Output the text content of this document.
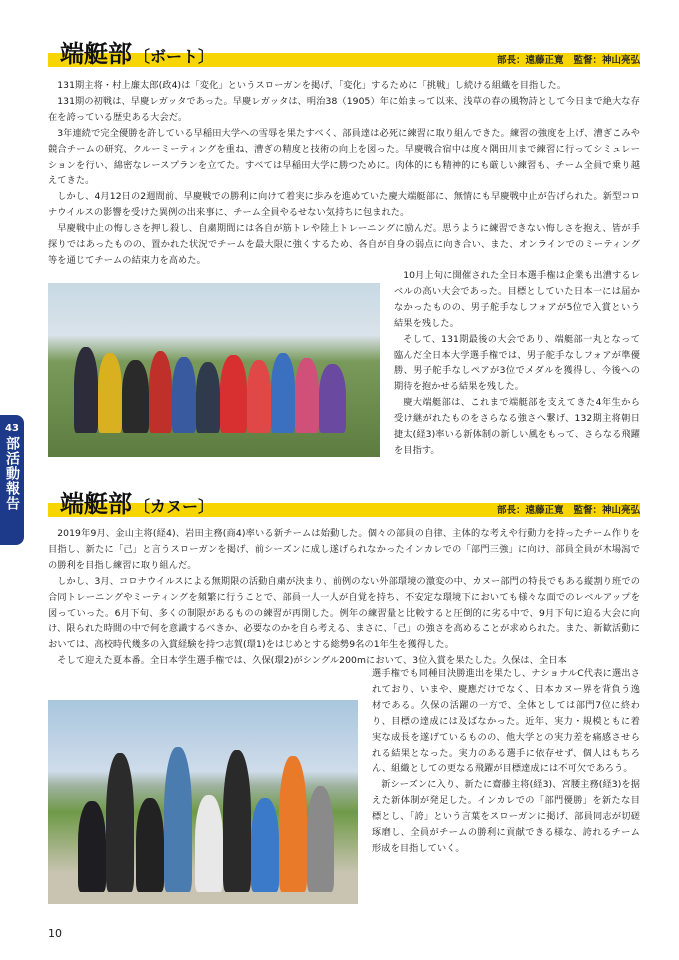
43
部活動報告
端艇部 〔ボート〕	部長：遠藤正寛 監督：神山亮弘

131期主将・村上廉太郎(政4)は「変化」というスローガンを掲げ、「変化」するために「挑戦」し続ける組織を目指した。

131期の初戦は、早慶レガッタであった。早慶レガッタは、明治38（1905）年に始まって以来、浅草の春の風物詩として今日まで絶大な存在を誇っている歴史ある大会だ。

3年連続で完全優勝を許している早稲田大学への雪辱を果たすべく、部員達は必死に練習に取り組んできた。練習の強度を上げ、漕ぎこみや競合チームの研究、クルーミーティングを重ね、漕ぎの精度と技術の向上を図った。早慶戦合宿中は度々隅田川まで練習に行ってシミュレーションを行い、綿密なレースプランを立てた。すべては早稲田大学に勝つために。肉体的にも精神的にも厳しい練習も、チーム全員で乗り越えてきた。

しかし、4月12日の2週間前、早慶戦での勝利に向けて着実に歩みを進めていた慶大端艇部に、無情にも早慶戦中止が告げられた。新型コロナウイルスの影響を受けた異例の出来事に、チーム全員やるせない気持ちに包まれた。

早慶戦中止の悔しさを押し殺し、自粛期間には各自が筋トレや陸上トレーニングに励んだ。思うように練習できない悔しさを抱え、皆が手探りではあったものの、置かれた状況でチームを最大限に強くするため、各自が自身の弱点に向き合い、また、オンラインでのミーティング等を通じてチームの結束力を高めた。

10月上旬に開催された全日本選手権は企業も出漕するレベルの高い大会であった。目標としていた日本一には届かなかったものの、男子舵手なしフォアが5位で入賞という結果を残した。

そして、131期最後の大会であり、端艇部一丸となって臨んだ全日本大学選手権では、男子舵手なしフォアが準優勝、男子舵手なしペアが3位でメダルを獲得し、今後への期待を抱かせる結果を残した。

慶大端艇部は、これまで端艇部を支えてきた4年生から受け継がれたものをさらなる強さへ繋げ、132期主将朝日捷太(経3)率いる新体制の新しい風をもって、さらなる飛躍を目指す。

端艇部 〔カヌー〕	部長：遠藤正寛 監督：神山亮弘

2019年9月、金山主将(経4)、岩田主務(商4)率いる新チームは始動した。個々の部員の自律、主体的な考えや行動力を持ったチーム作りを目指し、新たに「己」と言うスローガンを掲げ、前シーズンに成し遂げられなかったインカレでの「部門三強」に向け、部員全員が木場潟での勝利を目指し練習に取り組んだ。

しかし、3月、コロナウイルスによる無期限の活動自粛が決まり、前例のない外部環境の激変の中、カヌー部門の特長でもある縦割り班での合同トレーニングやミーティングを頻繁に行うことで、部員一人一人が自覚を持ち、不安定な環境下においても様々な面でのレベルアップを図っていった。6月下旬、多くの制限があるものの練習が再開した。例年の練習量と比較すると圧倒的に劣る中で、9月下旬に迫る大会に向け、限られた時間の中で何を意識するべきか、必要なのかを自ら考える、まさに、「己」の強さを高めることが求められた。また、新歓活動においては、高校時代幾多の入賞経験を持つ志賀(環1)をはじめとする総勢9名の1年生を獲得した。

そして迎えた夏本番。全日本学生選手権では、久保(環2)がシングル200mにおいて、3位入賞を果たした。久保は、全日本

選手権でも同種目決勝進出を果たし、ナショナルC代表に選出されており、いまや、慶應だけでなく、日本カヌー界を背負う逸材である。久保の活躍の一方で、全体としては部門7位に終わり、目標の達成には及ばなかった。近年、実力・規模ともに着実な成長を遂げているものの、他大学との実力差を痛感させられる結果となった。実力のある選手に依存せず、個人はもちろん、組織としての更なる飛躍が目標達成には不可欠であろう。

新シーズンに入り、新たに齋藤主将(経3)、宮腰主務(経3)を据えた新体制が発足した。インカレでの「部門優勝」を新たな目標とし、「誇」という言葉をスローガンに掲げ、部員同志が切磋琢磨し、全員がチームの勝利に貢献できる様な、誇れるチーム形成を目指していく。

10
